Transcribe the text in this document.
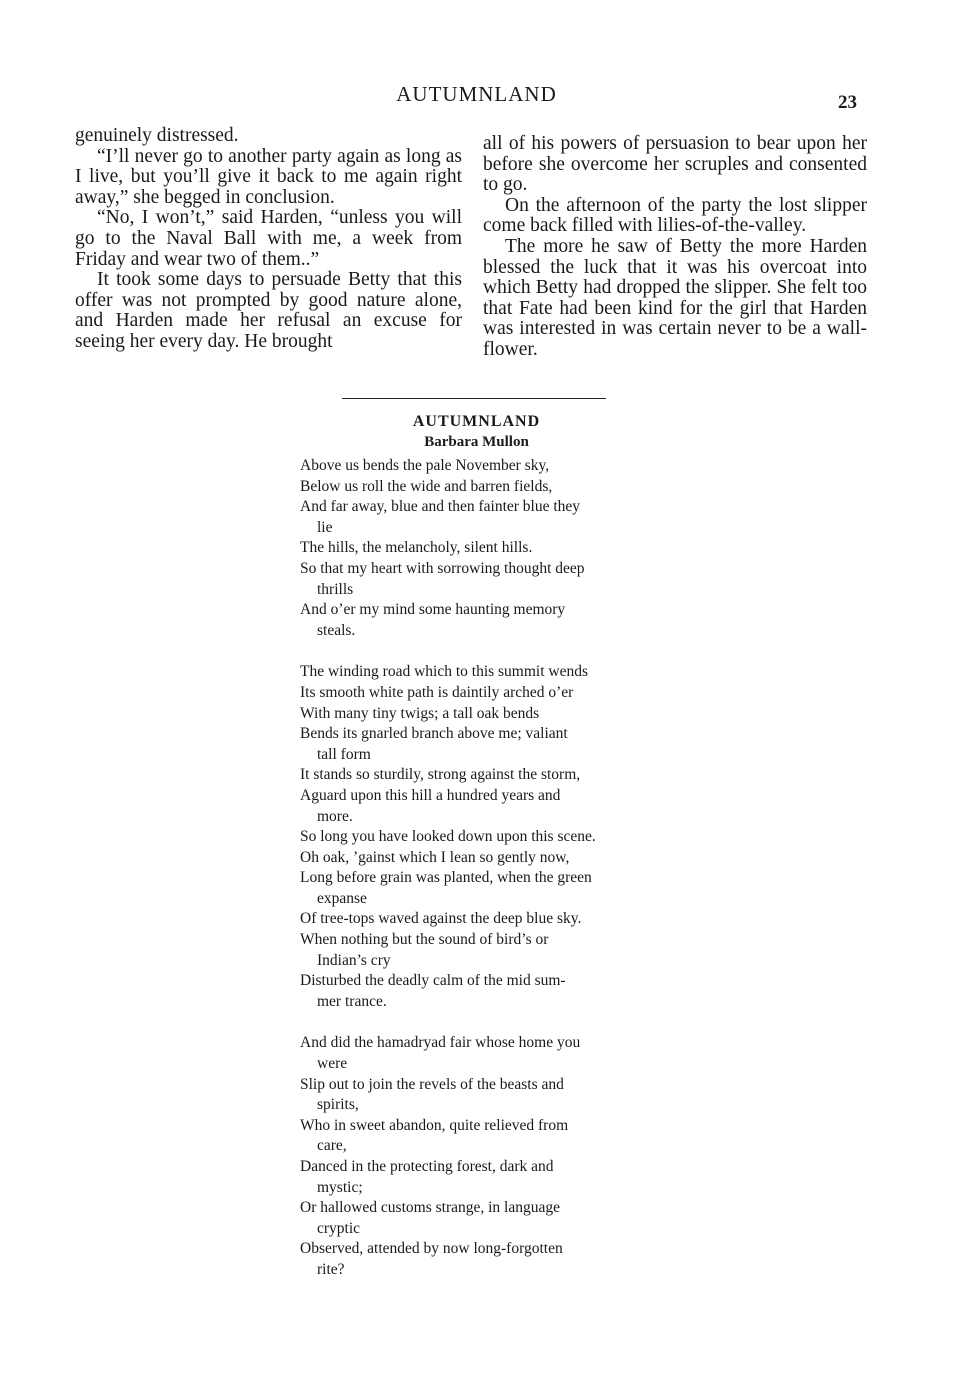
AUTUMNLAND	23

genuinely distressed.

“I’ll never go to another party again as long as I live, but you’ll give it back to me again right away,” she begged in conclusion.

“No, I won’t,” said Harden, “unless you will go to the Naval Ball with me, a week from Friday and wear two of them..”

It took some days to persuade Betty that this offer was not prompted by good nature alone, and Harden made her refusal an excuse for seeing her every day. He brought

all of his powers of persuasion to bear upon her before she overcome her scruples and consented to go.

On the afternoon of the party the lost slipper come back filled with lilies-of-the-valley.

The more he saw of Betty the more Harden blessed the luck that it was his overcoat into which Betty had dropped the slipper. She felt too that Fate had been kind for the girl that Harden was interested in was certain never to be a wall-flower.

AUTUMNLAND
Barbara Mullon
Above us bends the pale November sky,
Below us roll the wide and barren fields,
And far away, blue and then fainter blue they
lie
The hills, the melancholy, silent hills.
So that my heart with sorrowing thought deep
thrills
And o’er my mind some haunting memory
steals.
The winding road which to this summit wends
Its smooth white path is daintily arched o’er
With many tiny twigs; a tall oak bends
Bends its gnarled branch above me; valiant
tall form
It stands so sturdily, strong against the storm,
Aguard upon this hill a hundred years and
more.
So long you have looked down upon this scene.
Oh oak, ’gainst which I lean so gently now,
Long before grain was planted, when the green
expanse
Of tree-tops waved against the deep blue sky.
When nothing but the sound of bird’s or
Indian’s cry
Disturbed the deadly calm of the mid sum-
mer trance.
And did the hamadryad fair whose home you
were
Slip out to join the revels of the beasts and
spirits,
Who in sweet abandon, quite relieved from
care,
Danced in the protecting forest, dark and
mystic;
Or hallowed customs strange, in language
cryptic
Observed, attended by now long-forgotten
rite?
